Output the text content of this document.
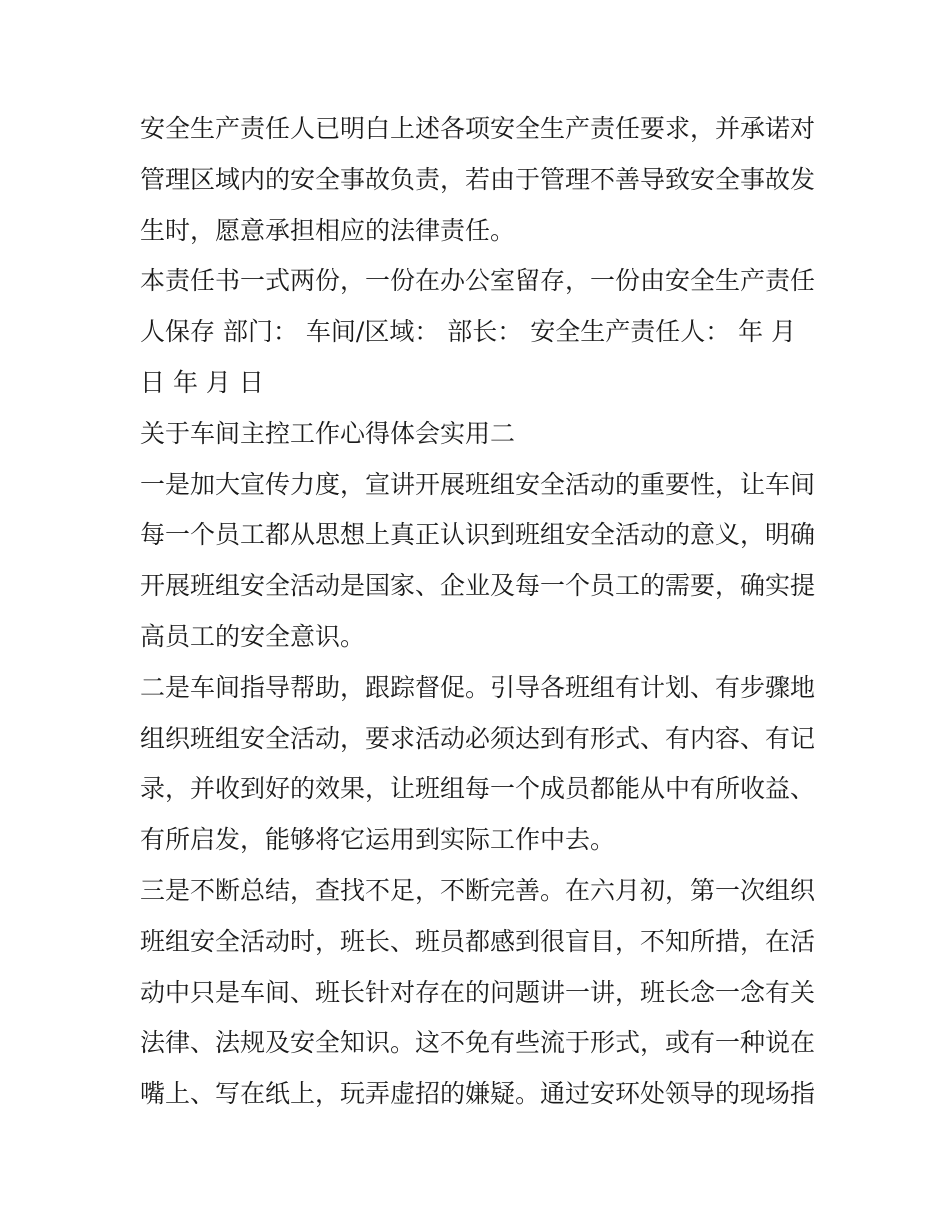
安全生产责任人已明白上述各项安全生产责任要求，并承诺对
管理区域内的安全事故负责，若由于管理不善导致安全事故发
生时，愿意承担相应的法律责任。
本责任书一式两份，一份在办公室留存，一份由安全生产责任
人保存 部门： 车间/区域： 部长： 安全生产责任人： 年 月
日 年 月 日
关于车间主控工作心得体会实用二
一是加大宣传力度，宣讲开展班组安全活动的重要性，让车间
每一个员工都从思想上真正认识到班组安全活动的意义，明确
开展班组安全活动是国家、企业及每一个员工的需要，确实提
高员工的安全意识。
二是车间指导帮助，跟踪督促。引导各班组有计划、有步骤地
组织班组安全活动，要求活动必须达到有形式、有内容、有记
录，并收到好的效果，让班组每一个成员都能从中有所收益、
有所启发，能够将它运用到实际工作中去。
三是不断总结，查找不足，不断完善。在六月初，第一次组织
班组安全活动时，班长、班员都感到很盲目，不知所措，在活
动中只是车间、班长针对存在的问题讲一讲，班长念一念有关
法律、法规及安全知识。这不免有些流于形式，或有一种说在
嘴上、写在纸上，玩弄虚招的嫌疑。通过安环处领导的现场指
